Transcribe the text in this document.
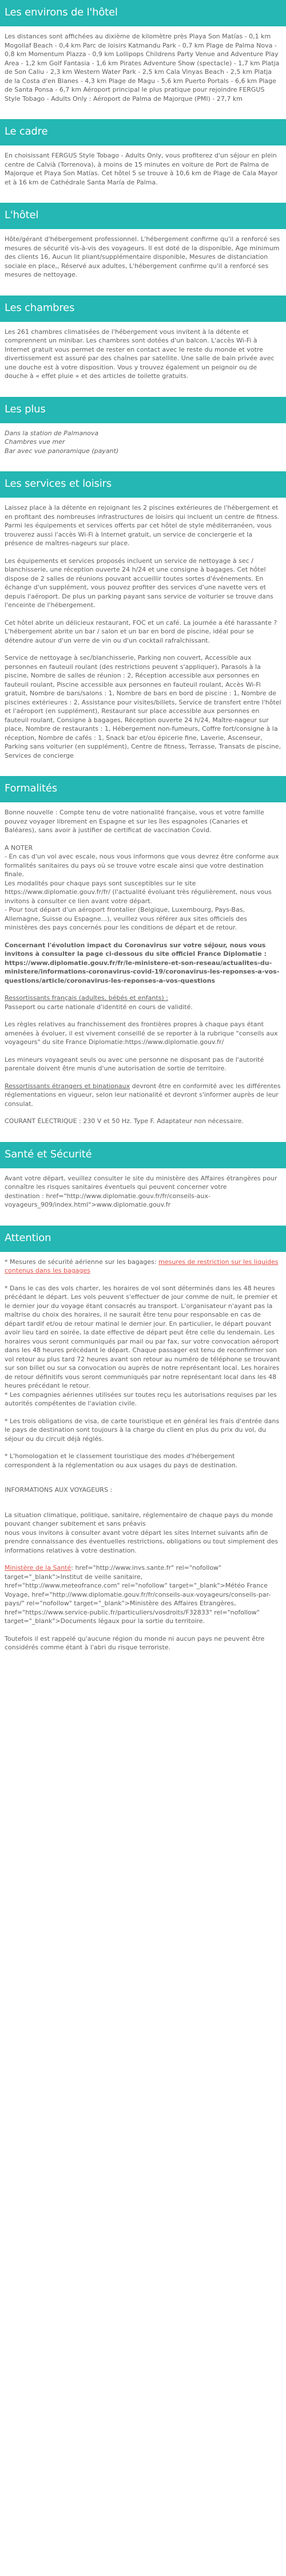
Les environs de l'hôtel

Les distances sont affichées au dixième de kilomètre près Playa Son Matías - 0,1 km Mogollaf Beach - 0,4 km Parc de loisirs Katmandu Park - 0,7 km Plage de Palma Nova - 0,8 km Momentum Plazza - 0,9 km Lollipops Childrens Party Venue and Adventure Play Area - 1,2 km Golf Fantasia - 1,6 km Pirates Adventure Show (spectacle) - 1,7 km Platja de Son Caliu - 2,3 km Western Water Park - 2,5 km Cala Vinyas Beach - 2,5 km Platja de la Costa d'en Blanes - 4,3 km Plage de Magu - 5,6 km Puerto Portals - 6,6 km Plage de Santa Ponsa - 6,7 km Aéroport principal le plus pratique pour rejoindre FERGUS Style Tobago - Adults Only : Aéroport de Palma de Majorque (PMI) - 27,7 km

Le cadre

En choisissant FERGUS Style Tobago - Adults Only, vous profiterez d'un séjour en plein centre de Calvià (Torrenova), à moins de 15 minutes en voiture de Port de Palma de Majorque et Playa Son Matías. Cet hôtel 5 se trouve à 10,6 km de Plage de Cala Mayor et à 16 km de Cathédrale Santa María de Palma.

L'hôtel

Hôte/gérant d'hébergement professionnel. L'hébergement confirme qu'il a renforcé ses mesures de sécurité vis-à-vis des voyageurs. Il est doté de la disponible, Age minimum des clients 16, Aucun lit pliant/supplémentaire disponible, Mesures de distanciation sociale en place,, Réservé aux adultes, L'hébergement confirme qu'il a renforcé ses mesures de nettoyage.

Les chambres

Les 261 chambres climatisées de l'hébergement vous invitent à la détente et comprennent un minibar. Les chambres sont dotées d'un balcon. L'accès Wi-Fi à Internet gratuit vous permet de rester en contact avec le reste du monde et votre divertissement est assuré par des chaînes par satellite. Une salle de bain privée avec une douche est à votre disposition. Vous y trouvez également un peignoir ou de douche à « effet pluie » et des articles de toilette gratuits.

Les plus

Dans la station de Palmanova
Chambres vue mer
Bar avec vue panoramique (payant)

Les services et loisirs

Laissez place à la détente en rejoignant les 2 piscines extérieures de l'hébergement et en profitant des nombreuses infrastructures de loisirs qui incluent un centre de fitness. Parmi les équipements et services offerts par cet hôtel de style méditerranéen, vous trouverez aussi l'accès Wi-Fi à Internet gratuit, un service de conciergerie et la présence de maîtres-nageurs sur place.

Les équipements et services proposés incluent un service de nettoyage à sec / blanchisserie, une réception ouverte 24 h/24 et une consigne à bagages. Cet hôtel dispose de 2 salles de réunions pouvant accueillir toutes sortes d'événements. En échange d'un supplément, vous pouvez profiter des services d'une navette vers et depuis l'aéroport. De plus un parking payant sans service de voiturier se trouve dans l'enceinte de l'hébergement.

Cet hôtel abrite un délicieux restaurant, FOC et un café. La journée a été harassante ? L'hébergement abrite un bar / salon et un bar en bord de piscine, idéal pour se détendre autour d'un verre de vin ou d'un cocktail rafraîchissant.

Service de nettoyage à sec/blanchisserie, Parking non couvert, Accessible aux personnes en fauteuil roulant (des restrictions peuvent s'appliquer), Parasols à la piscine, Nombre de salles de réunion : 2, Réception accessible aux personnes en fauteuil roulant, Piscine accessible aux personnes en fauteuil roulant, Accès Wi-Fi gratuit, Nombre de bars/salons : 1, Nombre de bars en bord de piscine : 1, Nombre de piscines extérieures : 2, Assistance pour visites/billets, Service de transfert entre l'hôtel et l'aéroport (en supplément), Restaurant sur place accessible aux personnes en fauteuil roulant, Consigne à bagages, Réception ouverte 24 h/24, Maître-nageur sur place, Nombre de restaurants : 1, Hébergement non-fumeurs, Coffre fort/consigne à la réception, Nombre de cafés : 1, Snack bar et/ou épicerie fine, Laverie, Ascenseur, Parking sans voiturier (en supplément), Centre de fitness, Terrasse, Transats de piscine, Services de concierge

Formalités

Bonne nouvelle : Compte tenu de votre nationalité française, vous et votre famille pouvez voyager librement en Espagne et sur les îles espagnoles (Canaries et Baléares), sans avoir à justifier de certificat de vaccination Covid.

A NOTER
- En cas d'un vol avec escale, nous vous informons que vous devrez être conforme aux formalités sanitaires du pays où se trouve votre escale ainsi que votre destination finale.
Les modalités pour chaque pays sont susceptibles sur le site https://www.diplomatie.gouv.fr/fr/ (l'actualité évoluant très régulièrement, nous vous invitons à consulter ce lien avant votre départ.
- Pour tout départ d'un aéroport frontalier (Belgique, Luxembourg, Pays-Bas, Allemagne, Suisse ou Espagne...), veuillez vous référer aux sites officiels des ministères des pays concernés pour les conditions de départ et de retour.

Concernant l'évolution impact du Coronavirus sur votre séjour, nous vous invitons à consulter la page ci-dessous du site officiel France Diplomatie : https://www.diplomatie.gouv.fr/fr/le-ministere-et-son-reseau/actualites-du-ministere/informations-coronavirus-covid-19/coronavirus-les-reponses-a-vos-questions/article/coronavirus-les-reponses-a-vos-questions

Ressortissants français (adultes, bébés et enfants) :
Passeport ou carte nationale d'identité en cours de validité.

Les règles relatives au franchissement des frontières propres à chaque pays étant amenées à évoluer, il est vivement conseillé de se reporter à la rubrique "conseils aux voyageurs" du site France Diplomatie:https://www.diplomatie.gouv.fr/

Les mineurs voyageant seuls ou avec une personne ne disposant pas de l'autorité parentale doivent être munis d'une autorisation de sortie de territoire.

Ressortissants étrangers et binationaux devront être en conformité avec les différentes réglementations en vigueur, selon leur nationalité et devront s'informer auprès de leur consulat.

COURANT ÉLECTRIQUE : 230 V et 50 Hz. Type F. Adaptateur non nécessaire.

Santé et Sécurité

Avant votre départ, veuillez consulter le site du ministère des Affaires étrangères pour connaître les risques sanitaires éventuels qui peuvent concerner votre
destination : href="http://www.diplomatie.gouv.fr/fr/conseils-aux-voyageurs_909/index.html">www.diplomatie.gouv.fr

Attention

* Mesures de sécurité aérienne sur les bagages: mesures de restriction sur les liquides contenus dans les bagages

* Dans le cas des vols charter, les horaires de vol sont déterminés dans les 48 heures précédant le départ. Les vols peuvent s'effectuer de jour comme de nuit, le premier et le dernier jour du voyage étant consacrés au transport. L'organisateur n'ayant pas la maîtrise du choix des horaires, il ne saurait être tenu pour responsable en cas de départ tardif et/ou de retour matinal le dernier jour. En particulier, le départ pouvant avoir lieu tard en soirée, la date effective de départ peut être celle du lendemain. Les horaires vous seront communiqués par mail ou par fax, sur votre convocation aéroport dans les 48 heures précédant le départ. Chaque passager est tenu de reconfirmer son vol retour au plus tard 72 heures avant son retour au numéro de téléphone se trouvant sur son billet ou sur sa convocation ou auprès de notre représentant local. Les horaires de retour définitifs vous seront communiqués par notre représentant local dans les 48 heures précédant le retour.
* Les compagnies aériennes utilisées sur toutes reçu les autorisations requises par les autorités compétentes de l'aviation civile.

* Les trois obligations de visa, de carte touristique et en général les frais d'entrée dans le pays de destination sont toujours à la charge du client en plus du prix du vol, du séjour ou du circuit déjà réglés.

* L'homologation et le classement touristique des modes d'hébergement correspondent à la réglementation ou aux usages du pays de destination.

INFORMATIONS AUX VOYAGEURS :

La situation climatique, politique, sanitaire, réglementaire de chaque pays du monde pouvant changer subitement et sans préavis
nous vous invitons à consulter avant votre départ les sites Internet suivants afin de prendre connaissance des éventuelles restrictions, obligations ou tout simplement des informations relatives à votre destination.

Ministère de la Santé: href="http://www.invs.sante.fr" rel="nofollow" target="_blank">Institut de veille sanitaire,
href="http://www.meteofrance.com" rel="nofollow" target="_blank">Météo France Voyage, href="http://www.diplomatie.gouv.fr/fr/conseils-aux-voyageurs/conseils-par-pays/" rel="nofollow" target="_blank">Ministère des Affaires Etrangères, href="https://www.service-public.fr/particuliers/vosdroits/F32833" rel="nofollow" target="_blank">Documents légaux pour la sortie du territoire.

Toutefois il est rappelé qu'aucune région du monde ni aucun pays ne peuvent être considérés comme étant à l'abri du risque terroriste.
